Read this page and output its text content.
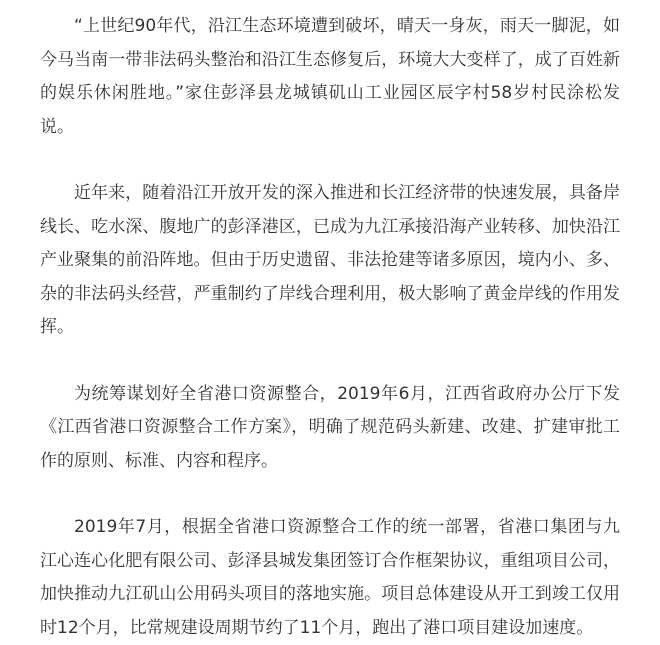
“上世纪90年代，沿江生态环境遭到破坏，晴天一身灰，雨天一脚泥，如今马当南一带非法码头整治和沿江生态修复后，环境大大变样了，成了百姓新的娱乐休闲胜地。”家住彭泽县龙城镇矶山工业园区辰字村58岁村民涂松发说。

近年来，随着沿江开放开发的深入推进和长江经济带的快速发展，具备岸线长、吃水深、腹地广的彭泽港区，已成为九江承接沿海产业转移、加快沿江产业聚集的前沿阵地。但由于历史遗留、非法抢建等诸多原因，境内小、多、杂的非法码头经营，严重制约了岸线合理利用，极大影响了黄金岸线的作用发挥。

为统筹谋划好全省港口资源整合，2019年6月，江西省政府办公厅下发《江西省港口资源整合工作方案》，明确了规范码头新建、改建、扩建审批工作的原则、标准、内容和程序。

2019年7月，根据全省港口资源整合工作的统一部署，省港口集团与九江心连心化肥有限公司、彭泽县城发集团签订合作框架协议，重组项目公司，加快推动九江矶山公用码头项目的落地实施。项目总体建设从开工到竣工仅用时12个月，比常规建设周期节约了11个月，跑出了港口项目建设加速度。
